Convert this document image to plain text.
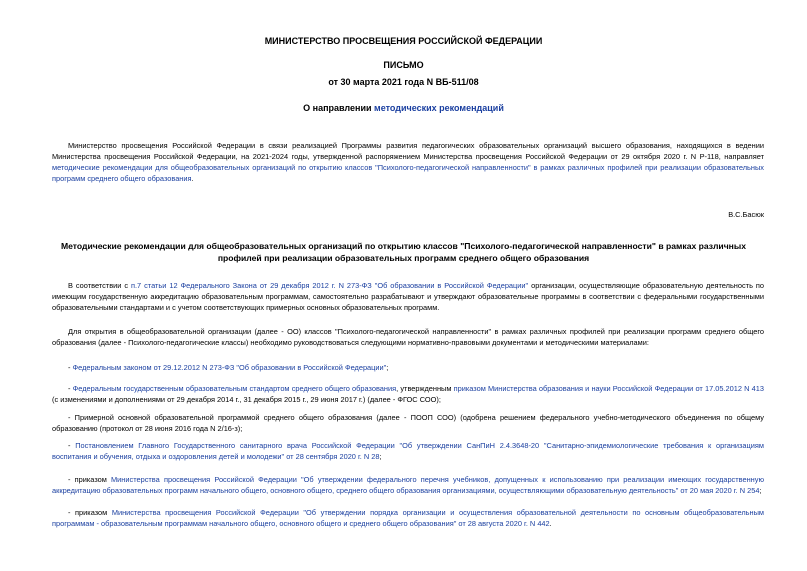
МИНИСТЕРСТВО ПРОСВЕЩЕНИЯ РОССИЙСКОЙ ФЕДЕРАЦИИ
ПИСЬМО
от 30 марта 2021 года N ВБ-511/08
О направлении методических рекомендаций
Министерство просвещения Российской Федерации в связи реализацией Программы развития педагогических образовательных организаций высшего образования, находящихся в ведении Министерства просвещения Российской Федерации, на 2021-2024 годы, утвержденной распоряжением Министерства просвещения Российской Федерации от 29 октября 2020 г. N Р-118, направляет методические рекомендации для общеобразовательных организаций по открытию классов "Психолого-педагогической направленности" в рамках различных профилей при реализации образовательных программ среднего общего образования.
В.С.Басюк
Методические рекомендации для общеобразовательных организаций по открытию классов "Психолого-педагогической направленности" в рамках различных профилей при реализации образовательных программ среднего общего образования
В соответствии с п.7 статьи 12 Федерального Закона от 29 декабря 2012 г. N 273-ФЗ "Об образовании в Российской Федерации" организации, осуществляющие образовательную деятельность по имеющим государственную аккредитацию образовательным программам, самостоятельно разрабатывают и утверждают образовательные программы в соответствии с федеральными государственными образовательными стандартами и с учетом соответствующих примерных основных образовательных программ.
Для открытия в общеобразовательной организации (далее - ОО) классов "Психолого-педагогической направленности" в рамках различных профилей при реализации программ среднего общего образования (далее - Психолого-педагогические классы) необходимо руководствоваться следующими нормативно-правовыми документами и методическими материалами:
- Федеральным законом от 29.12.2012 N 273-ФЗ "Об образовании в Российской Федерации";
- Федеральным государственным образовательным стандартом среднего общего образования, утвержденным приказом Министерства образования и науки Российской Федерации от 17.05.2012 N 413 (с изменениями и дополнениями от 29 декабря 2014 г., 31 декабря 2015 г., 29 июня 2017 г.) (далее - ФГОС СОО);
- Примерной основной образовательной программой среднего общего образования (далее - ПООП СОО) (одобрена решением федерального учебно-методического объединения по общему образованию (протокол от 28 июня 2016 года N 2/16-з);
- Постановлением Главного Государственного санитарного врача Российской Федерации "Об утверждении СанПиН 2.4.3648-20 "Санитарно-эпидемиологические требования к организациям воспитания и обучения, отдыха и оздоровления детей и молодежи" от 28 сентября 2020 г. N 28;
- приказом Министерства просвещения Российской Федерации "Об утверждении федерального перечня учебников, допущенных к использованию при реализации имеющих государственную аккредитацию образовательных программ начального общего, основного общего, среднего общего образования организациями, осуществляющими образовательную деятельность" от 20 мая 2020 г. N 254;
- приказом Министерства просвещения Российской Федерации "Об утверждении порядка организации и осуществления образовательной деятельности по основным общеобразовательным программам - образовательным программам начального общего, основного общего и среднего общего образования" от 28 августа 2020 г. N 442.
